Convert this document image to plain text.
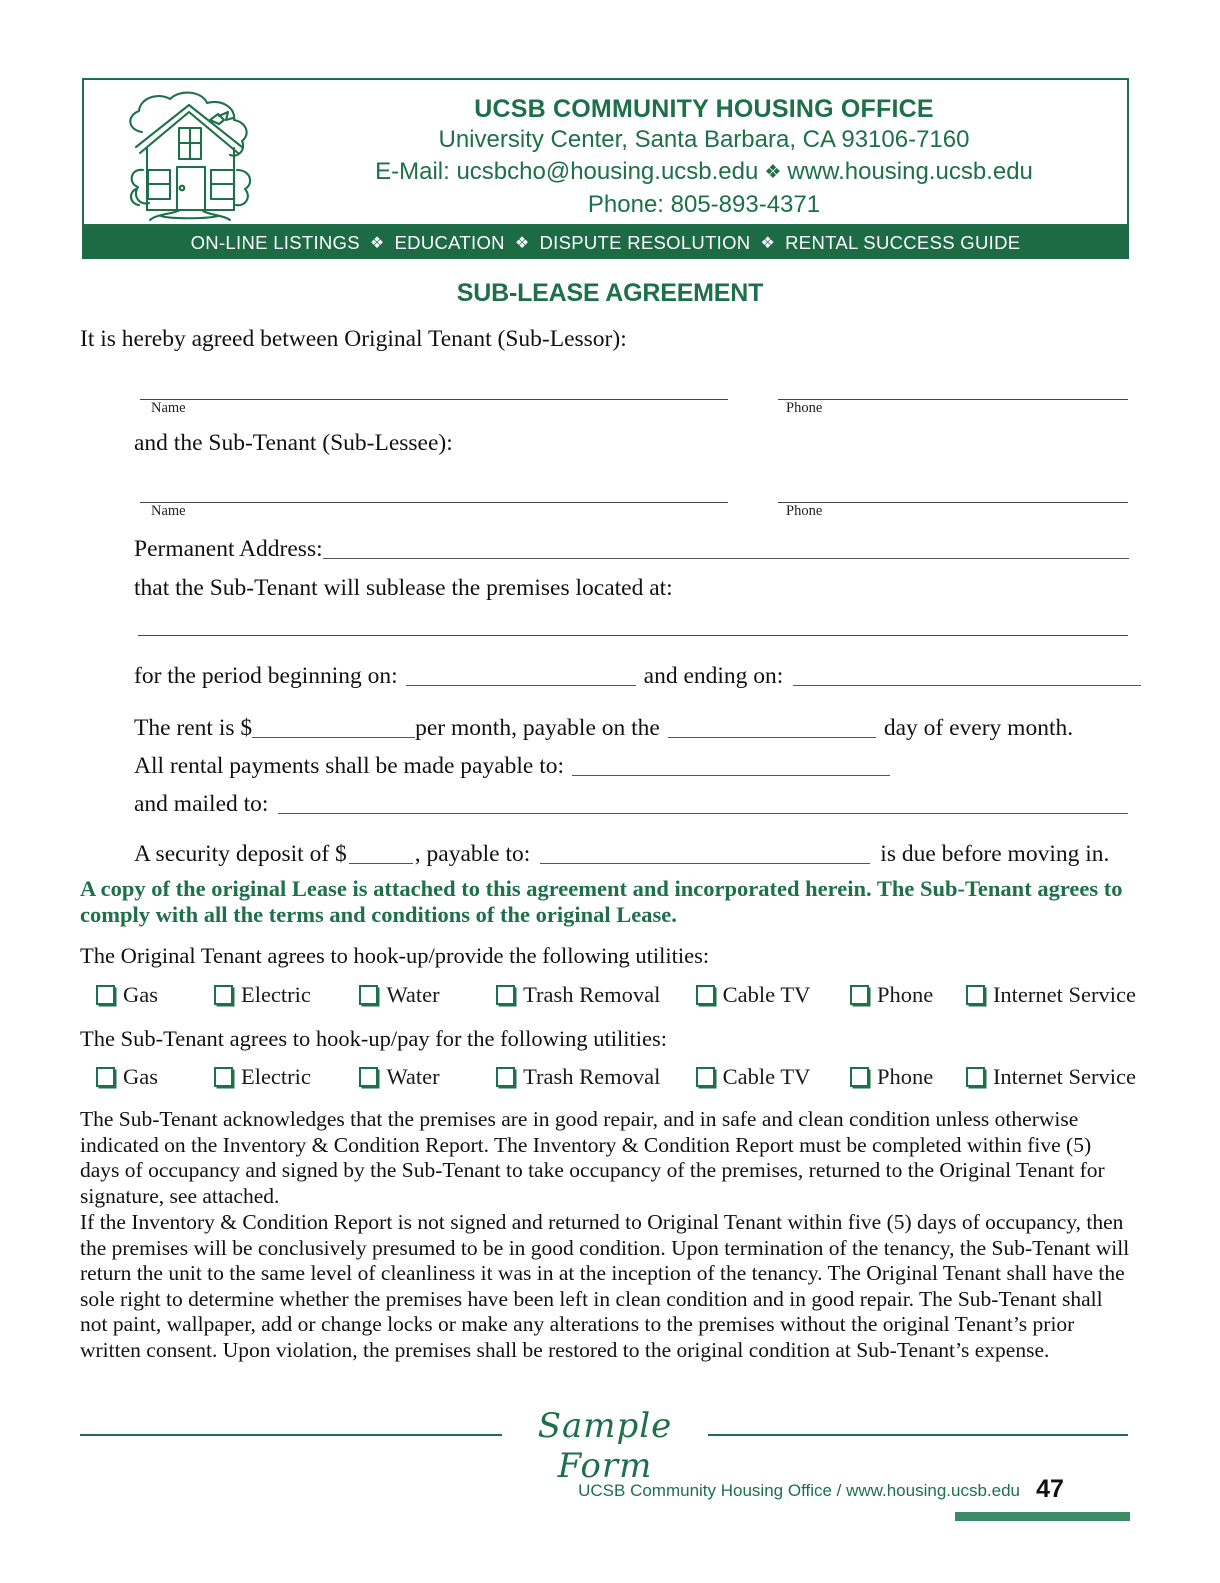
UCSB COMMUNITY HOUSING OFFICE
University Center, Santa Barbara, CA 93106-7160
E-Mail: ucsbcho@housing.ucsb.edu ❖ www.housing.ucsb.edu
Phone: 805-893-4371
ON-LINE LISTINGS ❖ EDUCATION ❖ DISPUTE RESOLUTION ❖ RENTAL SUCCESS GUIDE
SUB-LEASE AGREEMENT
It is hereby agreed between Original Tenant (Sub-Lessor):
Name	Phone
and the Sub-Tenant (Sub-Lessee):
Name	Phone
Permanent Address:
that the Sub-Tenant will sublease the premises located at:
for the period beginning on:	and ending on:
The rent is $	per month, payable on the	day of every month.
All rental payments shall be made payable to:
and mailed to:
A security deposit of $	, payable to:	is due before moving in.
A copy of the original Lease is attached to this agreement and incorporated herein. The Sub-Tenant agrees to comply with all the terms and conditions of the original Lease.
The Original Tenant agrees to hook-up/provide the following utilities:
Gas	Electric	Water	Trash Removal	Cable TV	Phone	Internet Service
The Sub-Tenant agrees to hook-up/pay for the following utilities:
Gas	Electric	Water	Trash Removal	Cable TV	Phone	Internet Service
The Sub-Tenant acknowledges that the premises are in good repair, and in safe and clean condition unless otherwise indicated on the Inventory & Condition Report. The Inventory & Condition Report must be completed within five (5) days of occupancy and signed by the Sub-Tenant to take occupancy of the premises, returned to the Original Tenant for signature, see attached.
If the Inventory & Condition Report is not signed and returned to Original Tenant within five (5) days of occupancy, then the premises will be conclusively presumed to be in good condition. Upon termination of the tenancy, the Sub-Tenant will return the unit to the same level of cleanliness it was in at the inception of the tenancy. The Original Tenant shall have the sole right to determine whether the premises have been left in clean condition and in good repair. The Sub-Tenant shall not paint, wallpaper, add or change locks or make any alterations to the premises without the original Tenant’s prior written consent. Upon violation, the premises shall be restored to the original condition at Sub-Tenant’s expense.
Sample Form
UCSB Community Housing Office / www.housing.ucsb.edu 47
